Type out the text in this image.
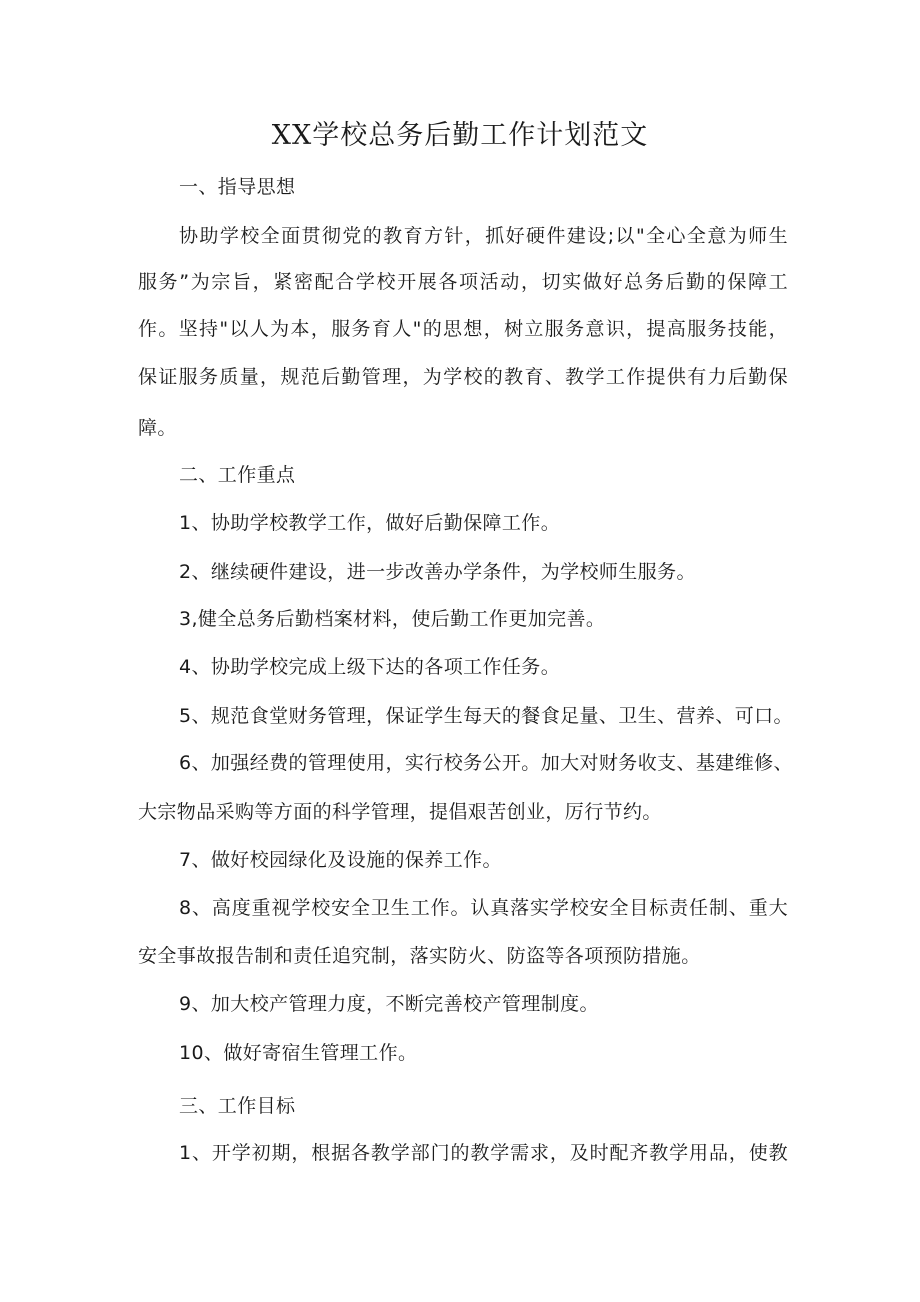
XX学校总务后勤工作计划范文
一、指导思想
协助学校全面贯彻党的教育方针，抓好硬件建设;以"全心全意为师生
服务”为宗旨，紧密配合学校开展各项活动，切实做好总务后勤的保障工
作。坚持"以人为本，服务育人"的思想，树立服务意识，提高服务技能，
保证服务质量，规范后勤管理，为学校的教育、教学工作提供有力后勤保
障。
二、工作重点
1、协助学校教学工作，做好后勤保障工作。
2、继续硬件建设，进一步改善办学条件，为学校师生服务。
3,健全总务后勤档案材料，使后勤工作更加完善。
4、协助学校完成上级下达的各项工作任务。
5、规范食堂财务管理，保证学生每天的餐食足量、卫生、营养、可口。
6、加强经费的管理使用，实行校务公开。加大对财务收支、基建维修、
大宗物品采购等方面的科学管理，提倡艰苦创业，厉行节约。
7、做好校园绿化及设施的保养工作。
8、高度重视学校安全卫生工作。认真落实学校安全目标责任制、重大
安全事故报告制和责任追究制，落实防火、防盗等各项预防措施。
9、加大校产管理力度，不断完善校产管理制度。
10、做好寄宿生管理工作。
三、工作目标
1、开学初期，根据各教学部门的教学需求，及时配齐教学用品，使教
